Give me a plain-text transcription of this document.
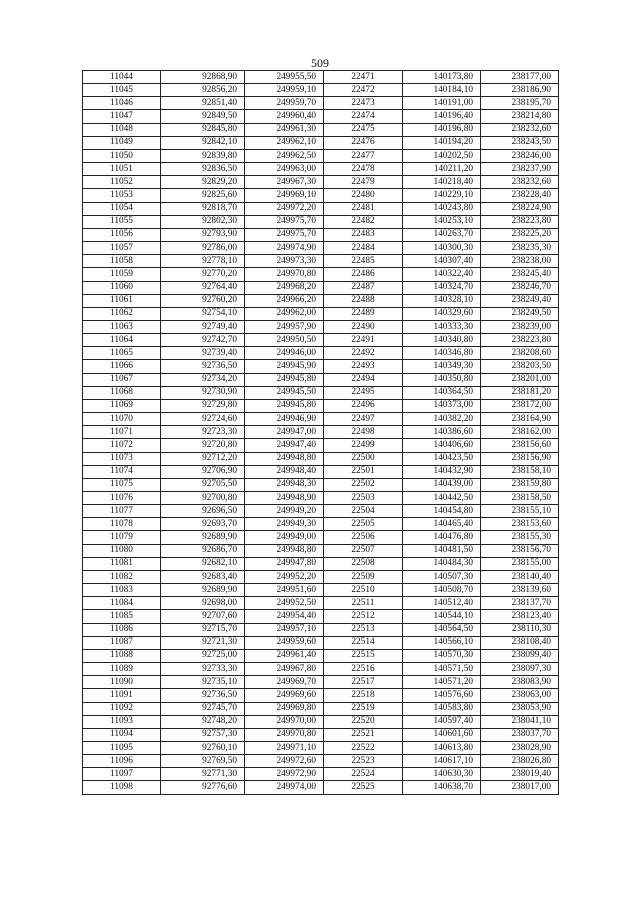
509
11044	92868,90	249955,50	22471	140173,80	238177,00
11045	92856,20	249959,10	22472	140184,10	238186,90
11046	92851,40	249959,70	22473	140191,00	238195,70
11047	92849,50	249960,40	22474	140196,40	238214,80
11048	92845,80	249961,30	22475	140196,80	238232,60
11049	92842,10	249962,10	22476	140194,20	238243,50
11050	92839,80	249962,50	22477	140202,50	238246,00
11051	92836,50	249963,00	22478	140211,20	238237,90
11052	92829,20	249967,30	22479	140218,40	238232,60
11053	92825,60	249969,10	22480	140229,10	238228,40
11054	92818,70	249972,20	22481	140243,80	238224,90
11055	92802,30	249975,70	22482	140253,10	238223,80
11056	92793,90	249975,70	22483	140263,70	238225,20
11057	92786,00	249974,90	22484	140300,30	238235,30
11058	92778,10	249973,30	22485	140307,40	238238,00
11059	92770,20	249970,80	22486	140322,40	238245,40
11060	92764,40	249968,20	22487	140324,70	238246,70
11061	92760,20	249966,20	22488	140328,10	238249,40
11062	92754,10	249962,00	22489	140329,60	238249,50
11063	92749,40	249957,90	22490	140333,30	238239,00
11064	92742,70	249950,50	22491	140340,80	238223,80
11065	92739,40	249946,00	22492	140346,80	238208,60
11066	92736,50	249945,90	22493	140349,30	238203,50
11067	92734,20	249945,80	22494	140350,80	238201,00
11068	92730,90	249945,50	22495	140364,50	238181,20
11069	92729,80	249945,80	22496	140373,00	238172,00
11070	92724,60	249946,90	22497	140382,20	238164,90
11071	92723,30	249947,00	22498	140386,60	238162,00
11072	92720,80	249947,40	22499	140406,60	238156,60
11073	92712,20	249948,80	22500	140423,50	238156,90
11074	92706,90	249948,40	22501	140432,90	238158,10
11075	92705,50	249948,30	22502	140439,00	238159,80
11076	92700,80	249948,90	22503	140442,50	238158,50
11077	92696,50	249949,20	22504	140454,80	238155,10
11078	92693,70	249949,30	22505	140465,40	238153,60
11079	92689,90	249949,00	22506	140476,80	238155,30
11080	92686,70	249948,80	22507	140481,50	238156,70
11081	92682,10	249947,80	22508	140484,30	238155,00
11082	92683,40	249952,20	22509	140507,30	238140,40
11083	92689,90	249951,60	22510	140508,70	238139,60
11084	92698,00	249952,50	22511	140512,40	238137,70
11085	92707,60	249954,40	22512	140544,10	238123,40
11086	92715,70	249957,10	22513	140564,50	238110,30
11087	92721,30	249959,60	22514	140566,10	238108,40
11088	92725,00	249961,40	22515	140570,30	238099,40
11089	92733,30	249967,80	22516	140571,50	238097,30
11090	92735,10	249969,70	22517	140571,20	238083,90
11091	92736,50	249969,60	22518	140576,60	238063,00
11092	92745,70	249969,80	22519	140583,80	238053,90
11093	92748,20	249970,00	22520	140597,40	238041,10
11094	92757,30	249970,80	22521	140601,60	238037,70
11095	92760,10	249971,10	22522	140613,80	238028,90
11096	92769,50	249972,60	22523	140617,10	238026,80
11097	92771,30	249972,90	22524	140630,30	238019,40
11098	92776,60	249974,00	22525	140638,70	238017,00
